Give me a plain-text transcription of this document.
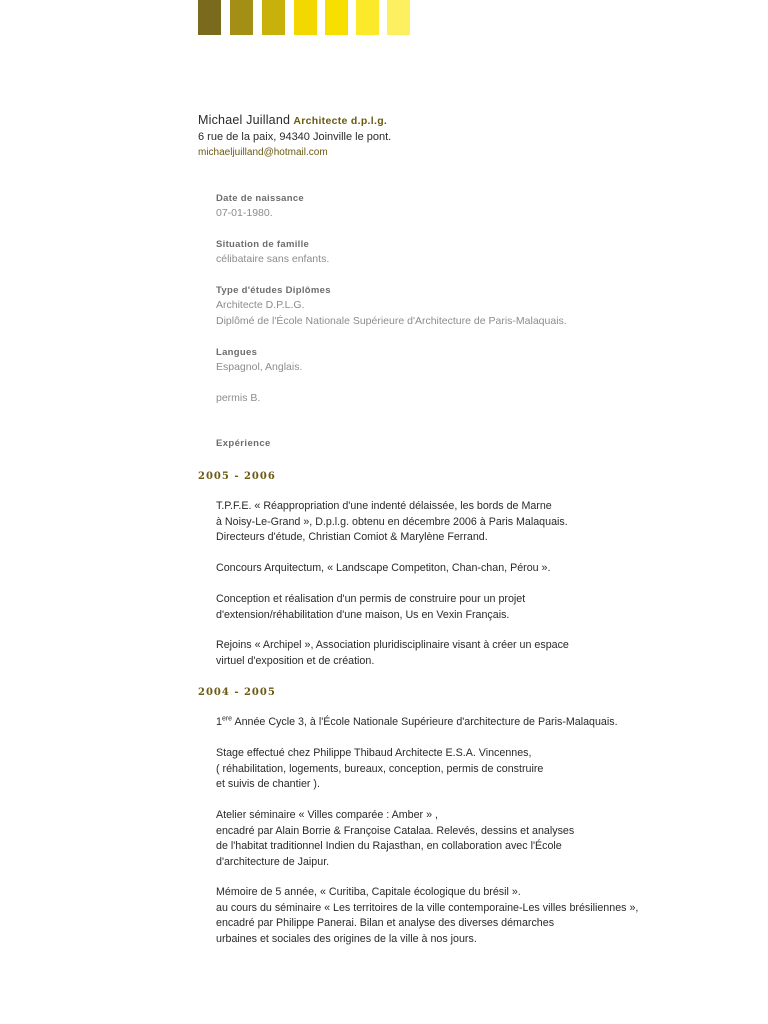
Michael Juilland Architecte d.p.l.g.
6 rue de la paix, 94340 Joinville le pont.
michaeljuilland@hotmail.com
Date de naissance
07-01-1980.
Situation de famille
célibataire sans enfants.
Type d'études Diplômes
Architecte D.P.L.G.
Diplômé de l'École Nationale Supérieure d'Architecture de Paris-Malaquais.
Langues
Espagnol, Anglais.
permis B.
Expérience
2005 - 2006
T.P.F.E. « Réappropriation d'une indenté délaissée, les bords de Marne
à Noisy-Le-Grand », D.p.l.g. obtenu en décembre 2006 à Paris Malaquais.
Directeurs d'étude, Christian Comiot & Marylène Ferrand.
Concours Arquitectum, « Landscape Competiton, Chan-chan, Pérou ».
Conception et réalisation d'un permis de construire pour un projet
d'extension/réhabilitation d'une maison, Us en Vexin Français.
Rejoins « Archipel », Association pluridisciplinaire visant à créer un espace
virtuel d'exposition et de création.
2004 - 2005
1ere Année Cycle 3, à l'École Nationale Supérieure d'architecture de Paris-Malaquais.
Stage effectué chez Philippe Thibaud Architecte E.S.A. Vincennes,
( réhabilitation, logements, bureaux, conception, permis de construire
et suivis de chantier ).
Atelier séminaire « Villes comparée : Amber » ,
encadré par Alain Borrie & Françoise Catalaa. Relevés, dessins et analyses
de l'habitat traditionnel Indien du Rajasthan, en collaboration avec l'École
d'architecture de Jaipur.
Mémoire de 5 année, « Curitiba, Capitale écologique du brésil ».
au cours du séminaire « Les territoires de la ville contemporaine-Les villes brésiliennes »,
encadré par Philippe Panerai. Bilan et analyse des diverses démarches
urbaines et sociales des origines de la ville à nos jours.
